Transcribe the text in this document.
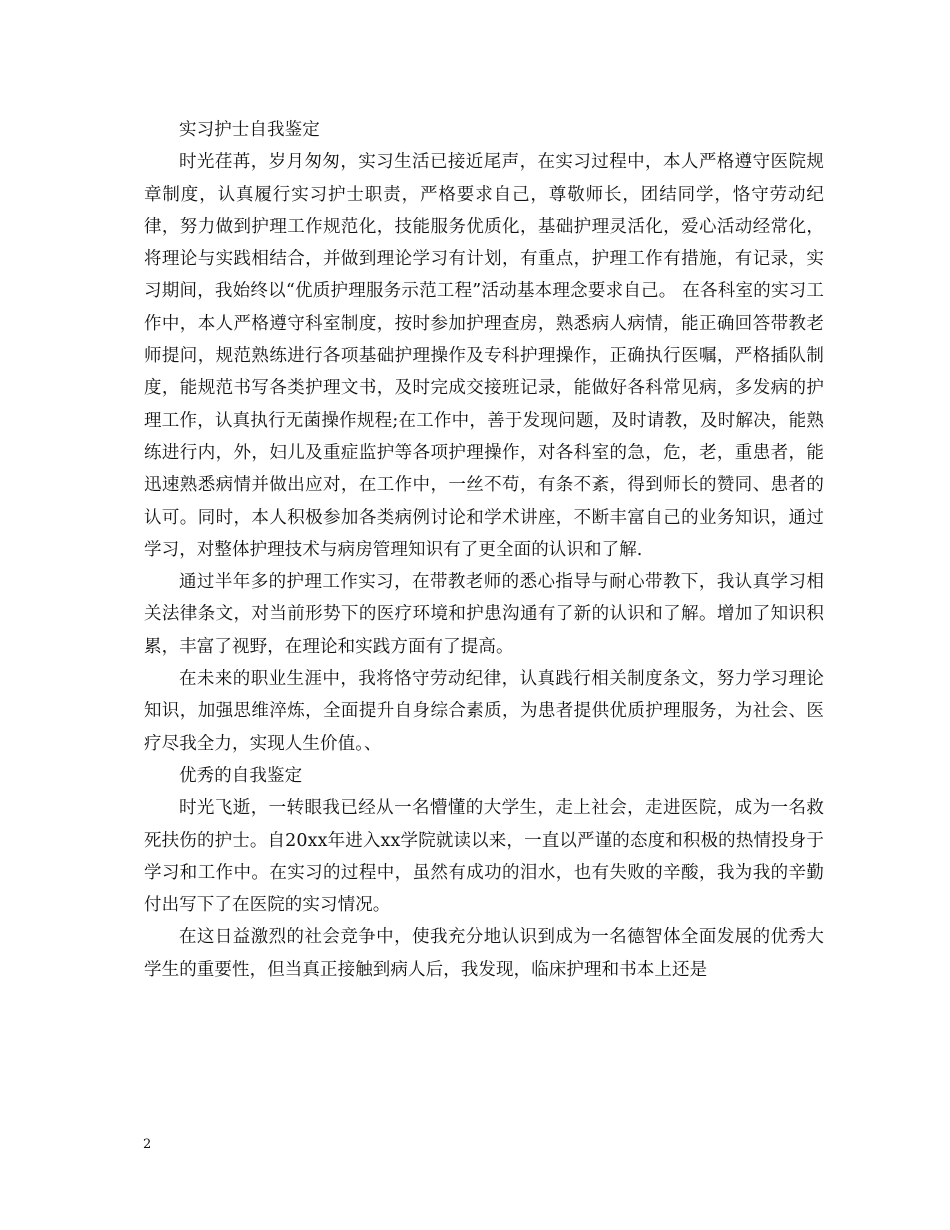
实习护士自我鉴定

时光荏苒，岁月匆匆，实习生活已接近尾声，在实习过程中，本人严格遵守医院规章制度，认真履行实习护士职责，严格要求自己，尊敬师长，团结同学，恪守劳动纪律，努力做到护理工作规范化，技能服务优质化，基础护理灵活化，爱心活动经常化，将理论与实践相结合，并做到理论学习有计划，有重点，护理工作有措施，有记录，实习期间，我始终以“优质护理服务示范工程”活动基本理念要求自己。 在各科室的实习工作中，本人严格遵守科室制度，按时参加护理查房，熟悉病人病情，能正确回答带教老师提问，规范熟练进行各项基础护理操作及专科护理操作，正确执行医嘱，严格插队制度，能规范书写各类护理文书，及时完成交接班记录，能做好各科常见病，多发病的护理工作，认真执行无菌操作规程;在工作中，善于发现问题，及时请教，及时解决，能熟练进行内，外，妇儿及重症监护等各项护理操作，对各科室的急，危，老，重患者，能迅速熟悉病情并做出应对，在工作中，一丝不苟，有条不紊，得到师长的赞同、患者的认可。同时，本人积极参加各类病例讨论和学术讲座，不断丰富自己的业务知识，通过学习，对整体护理技术与病房管理知识有了更全面的认识和了解.

通过半年多的护理工作实习，在带教老师的悉心指导与耐心带教下，我认真学习相关法律条文，对当前形势下的医疗环境和护患沟通有了新的认识和了解。增加了知识积累，丰富了视野，在理论和实践方面有了提高。

在未来的职业生涯中，我将恪守劳动纪律，认真践行相关制度条文，努力学习理论知识，加强思维淬炼，全面提升自身综合素质，为患者提供优质护理服务，为社会、医疗尽我全力，实现人生价值。、

优秀的自我鉴定

时光飞逝，一转眼我已经从一名懵懂的大学生，走上社会，走进医院，成为一名救死扶伤的护士。自20xx年进入xx学院就读以来，一直以严谨的态度和积极的热情投身于学习和工作中。在实习的过程中，虽然有成功的泪水，也有失败的辛酸，我为我的辛勤付出写下了在医院的实习情况。

在这日益激烈的社会竞争中，使我充分地认识到成为一名德智体全面发展的优秀大学生的重要性，但当真正接触到病人后，我发现，临床护理和书本上还是

2
